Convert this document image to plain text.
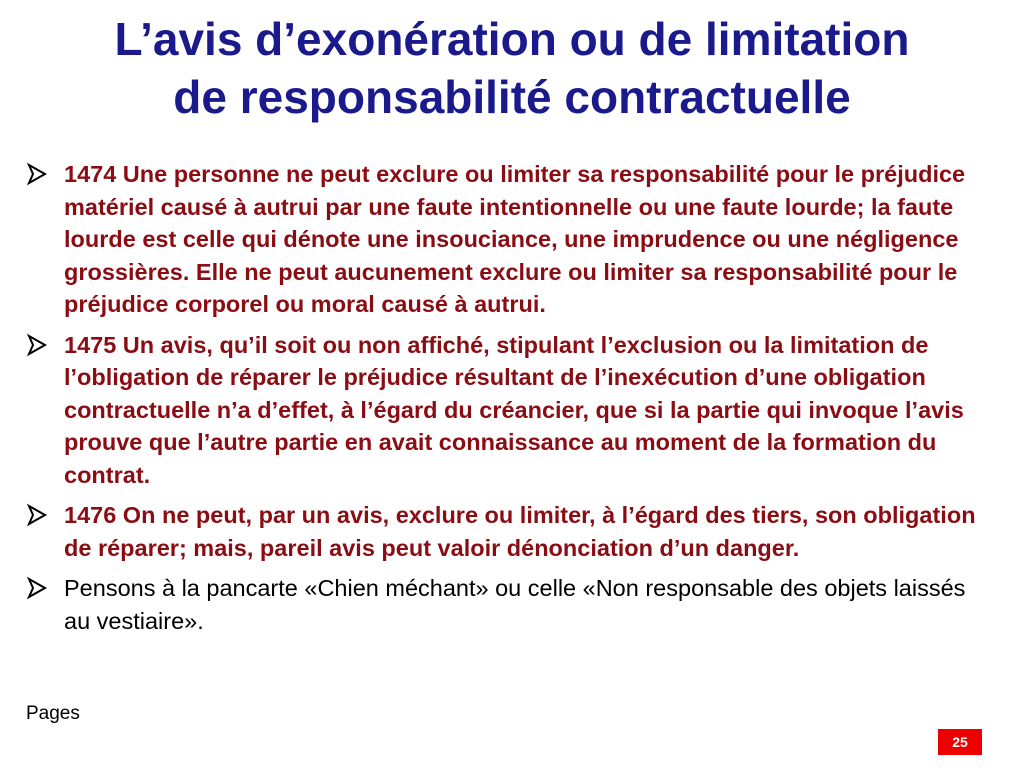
L’avis d’exonération ou de limitation
de responsabilité contractuelle
1474 Une personne ne peut exclure ou limiter sa responsabilité pour le préjudice matériel causé à autrui par une faute intentionnelle ou une faute lourde; la faute lourde est celle qui dénote une insouciance, une imprudence ou une négligence grossières. Elle ne peut aucunement exclure ou limiter sa responsabilité pour le préjudice corporel ou moral causé à autrui.
1475 Un avis, qu’il soit ou non affiché, stipulant l’exclusion ou la limitation de l’obligation de réparer le préjudice résultant de l’inexécution d’une obligation contractuelle n’a d’effet, à l’égard du créancier, que si la partie qui invoque l’avis prouve que l’autre partie en avait connaissance au moment de la formation du contrat.
1476 On ne peut, par un avis, exclure ou limiter, à l’égard des tiers, son obligation de réparer; mais, pareil avis peut valoir dénonciation d’un danger.
Pensons à la pancarte «Chien méchant» ou celle «Non responsable des objets laissés au vestiaire».
Pages
25
